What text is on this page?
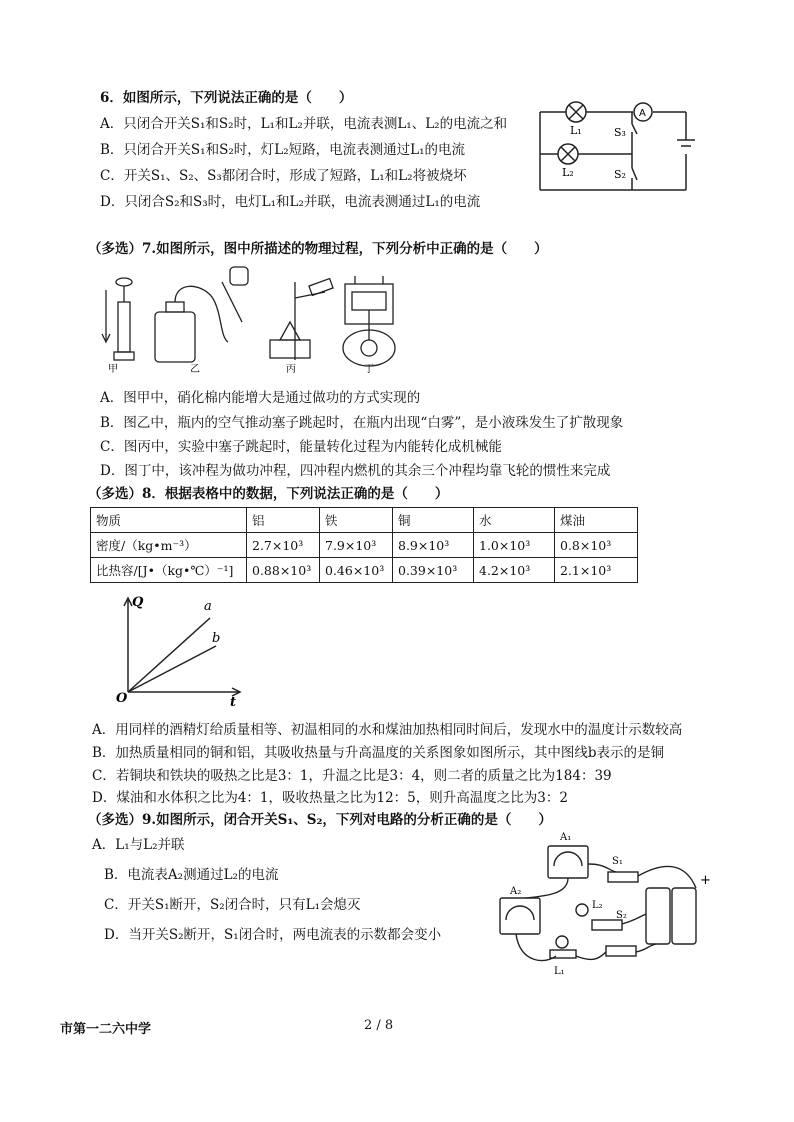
6．如图所示，下列说法正确的是（　　）
A．只闭合开关S₁和S₂时，L₁和L₂并联，电流表测L₁、L₂的电流之和
B．只闭合开关S₁和S₂时，灯L₂短路，电流表测通过L₁的电流
C．开关S₁、S₂、S₃都闭合时，形成了短路，L₁和L₂将被烧坏
D．只闭合S₂和S₃时，电灯L₁和L₂并联，电流表测通过L₁的电流
A
L₁
L₂
S₃
S₂
（多选）7.如图所示，图中所描述的物理过程，下列分析中正确的是（　　）
甲	乙	丙	丁
A．图甲中，硝化棉内能增大是通过做功的方式实现的
B．图乙中，瓶内的空气推动塞子跳起时，在瓶内出现“白雾”，是小液珠发生了扩散现象
C．图丙中，实验中塞子跳起时，能量转化过程为内能转化成机械能
D．图丁中，该冲程为做功冲程，四冲程内燃机的其余三个冲程均靠飞轮的惯性来完成
（多选）8．根据表格中的数据，下列说法正确的是（　　）
物质	铝	铁	铜	水	煤油
密度/（kg•m⁻³）	2.7×10³	7.9×10³	8.9×10³	1.0×10³	0.8×10³
比热容/[J•（kg•℃）⁻¹]	0.88×10³	0.46×10³	0.39×10³	4.2×10³	2.1×10³
Q
t
O
a
b
A．用同样的酒精灯给质量相等、初温相同的水和煤油加热相同时间后，发现水中的温度计示数较高
B．加热质量相同的铜和铝，其吸收热量与升高温度的关系图象如图所示，其中图线b表示的是铜
C．若铜块和铁块的吸热之比是3：1，升温之比是3：4，则二者的质量之比为184：39
D．煤油和水体积之比为4：1，吸收热量之比为12：5，则升高温度之比为3：2
（多选）9.如图所示，闭合开关S₁、S₂，下列对电路的分析正确的是（　　）
A．L₁与L₂并联
B．电流表A₂测通过L₂的电流
C．开关S₁断开，S₂闭合时，只有L₁会熄灭
D．当开关S₂断开，S₁闭合时，两电流表的示数都会变小
A₁
A₂
S₁
S₂
L₂
L₁
+
市第一二六中学	2 / 8
